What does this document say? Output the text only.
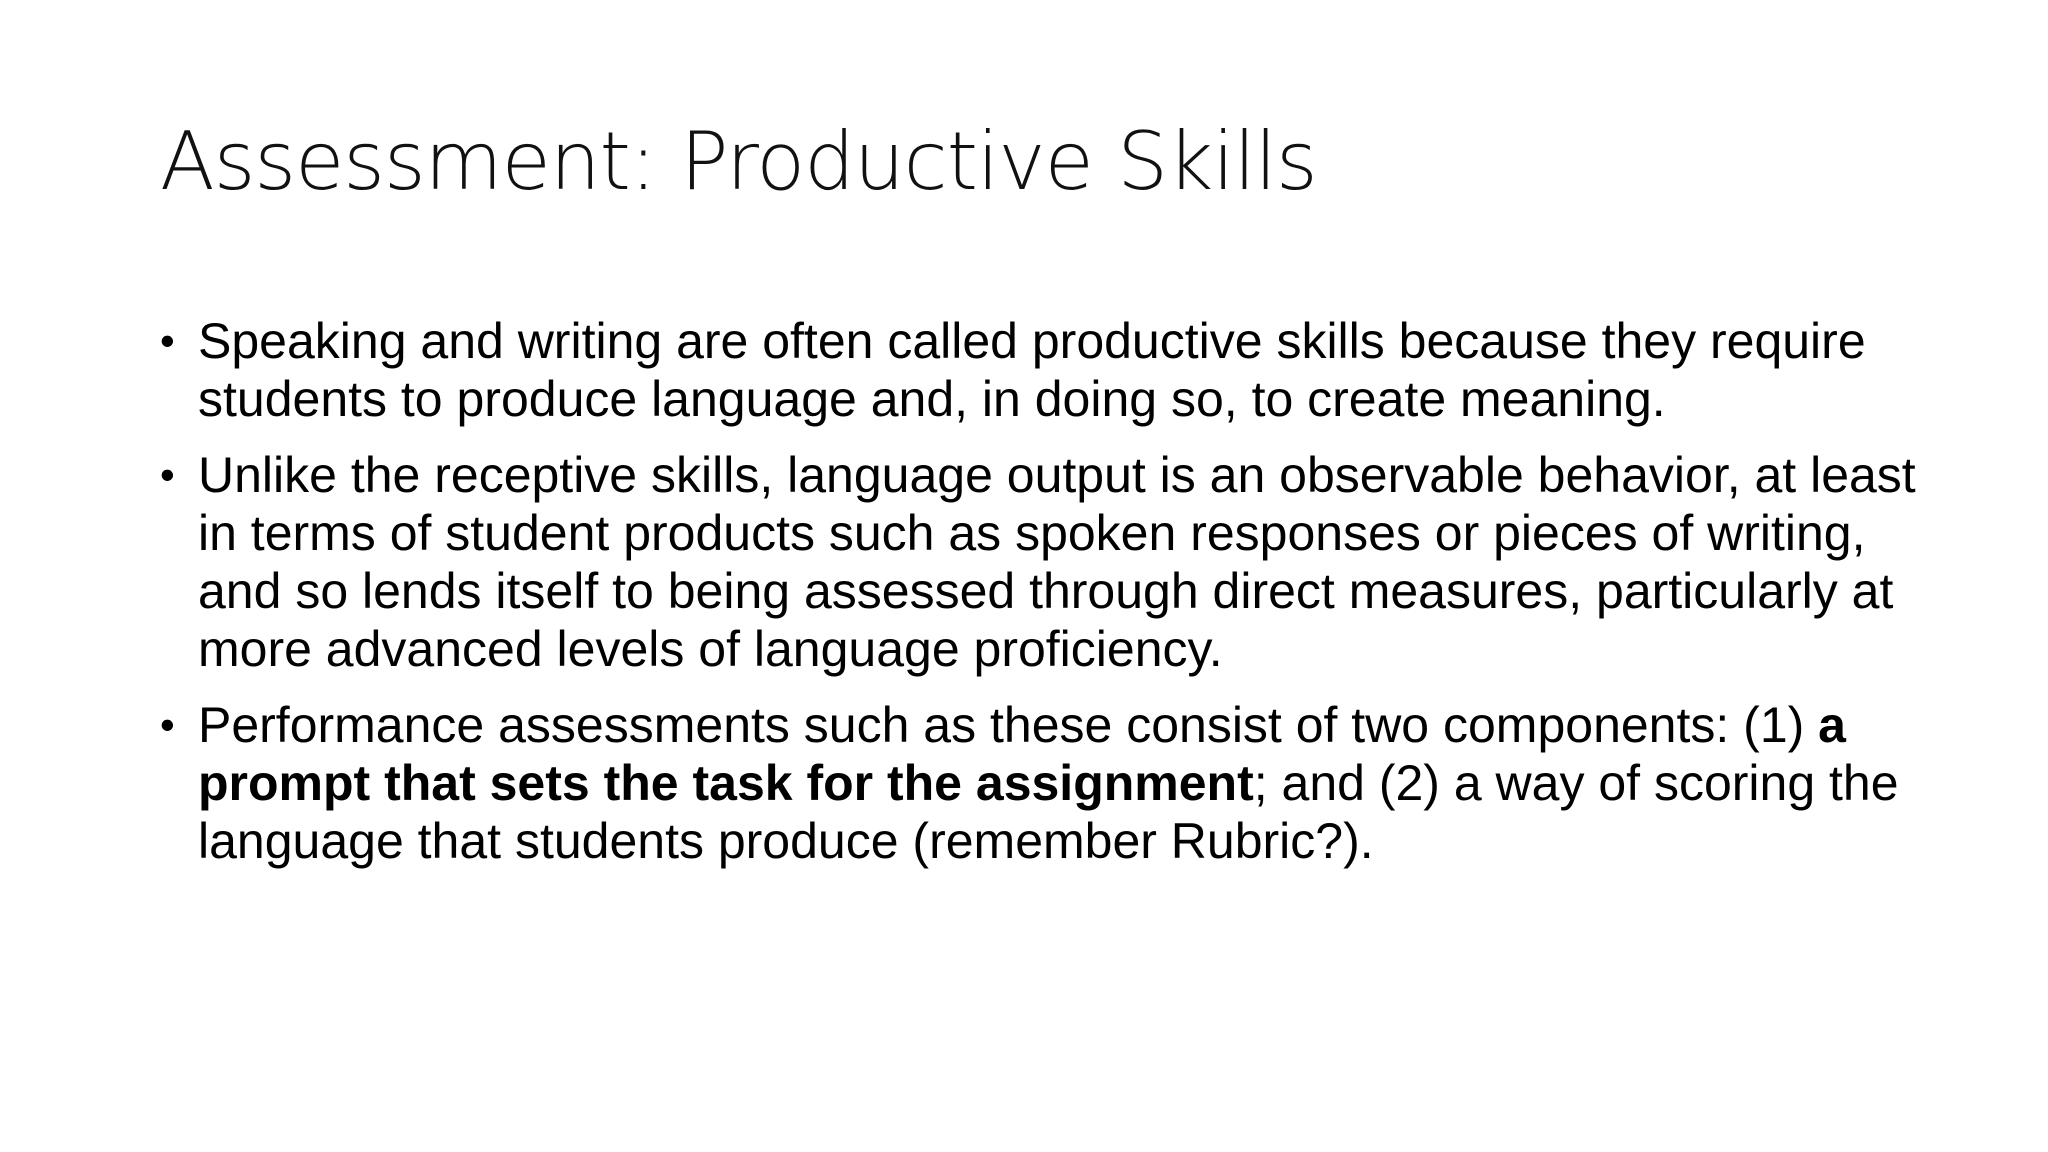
Assessment: Productive Skills
• Speaking and writing are often called productive skills because they require students to produce language and, in doing so, to create meaning.
• Unlike the receptive skills, language output is an observable behavior, at least in terms of student products such as spoken responses or pieces of writing, and so lends itself to being assessed through direct measures, particularly at more advanced levels of language proficiency.
• Performance assessments such as these consist of two components: (1) a prompt that sets the task for the assignment; and (2) a way of scoring the language that students produce (remember Rubric?).
